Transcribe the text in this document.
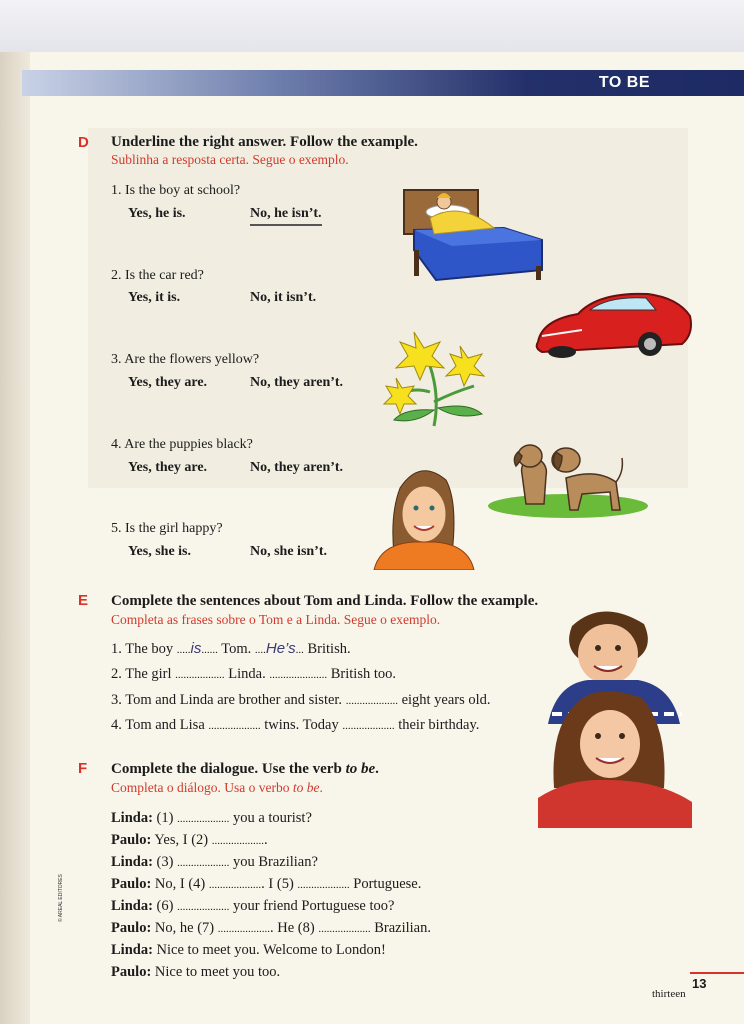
TO BE
D Underline the right answer. Follow the example.
Sublinha a resposta certa. Segue o exemplo.
1. Is the boy at school?
Yes, he is.	No, he isn’t.
2. Is the car red?
Yes, it is.	No, it isn’t.
3. Are the flowers yellow?
Yes, they are.	No, they aren’t.
4. Are the puppies black?
Yes, they are.	No, they aren’t.
5. Is the girl happy?
Yes, she is.	No, she isn’t.
E Complete the sentences about Tom and Linda. Follow the example.
Completa as frases sobre o Tom e a Linda. Segue o exemplo.
1. The boy .....is...... Tom. ....He’s... British.
2. The girl .................. Linda. ..................... British too.
3. Tom and Linda are brother and sister. ................... eight years old.
4. Tom and Lisa ................... twins. Today ................... their birthday.
F Complete the dialogue. Use the verb to be.
Completa o diálogo. Usa o verbo to be.
Linda: (1) ................... you a tourist?
Paulo: Yes, I (2) ....................
Linda: (3) ................... you Brazilian?
Paulo: No, I (4) .................... I (5) ................... Portuguese.
Linda: (6) ................... your friend Portuguese too?
Paulo: No, he (7) .................... He (8) ................... Brazilian.
Linda: Nice to meet you. Welcome to London!
Paulo: Nice to meet you too.
© AREAL EDITORES
13
thirteen
